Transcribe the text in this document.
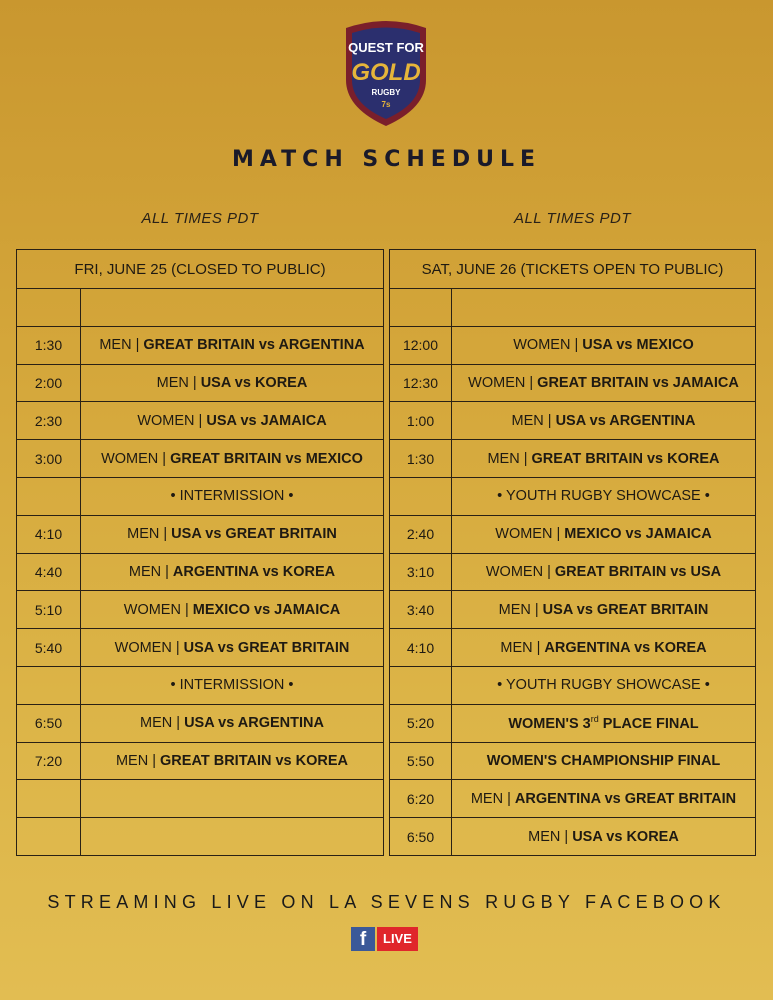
QUEST FOR
GOLD
RUGBY
7s
MATCH SCHEDULE
ALL TIMES PDT	ALL TIMES PDT
FRI, JUNE 25 (CLOSED TO PUBLIC)	

1:30	MEN | GREAT BRITAIN vs ARGENTINA
2:00	MEN | USA vs KOREA
2:30	WOMEN | USA vs JAMAICA
3:00	WOMEN | GREAT BRITAIN vs MEXICO
	• INTERMISSION •
4:10	MEN | USA vs GREAT BRITAIN
4:40	MEN | ARGENTINA vs KOREA
5:10	WOMEN | MEXICO vs JAMAICA
5:40	WOMEN | USA vs GREAT BRITAIN
	• INTERMISSION •
6:50	MEN | USA vs ARGENTINA
7:20	MEN | GREAT BRITAIN vs KOREA

SAT, JUNE 26 (TICKETS OPEN TO PUBLIC)	

12:00	WOMEN | USA vs MEXICO
12:30	WOMEN | GREAT BRITAIN vs JAMAICA
1:00	MEN | USA vs ARGENTINA
1:30	MEN | GREAT BRITAIN vs KOREA
	• YOUTH RUGBY SHOWCASE •
2:40	WOMEN | MEXICO vs JAMAICA
3:10	WOMEN | GREAT BRITAIN vs USA
3:40	MEN | USA vs GREAT BRITAIN
4:10	MEN | ARGENTINA vs KOREA
	• YOUTH RUGBY SHOWCASE •
5:20	WOMEN'S 3rd PLACE FINAL
5:50	WOMEN'S CHAMPIONSHIP FINAL
6:20	MEN | ARGENTINA vs GREAT BRITAIN
6:50	MEN | USA vs KOREA
STREAMING LIVE ON LA SEVENS RUGBY FACEBOOK
f	LIVE
